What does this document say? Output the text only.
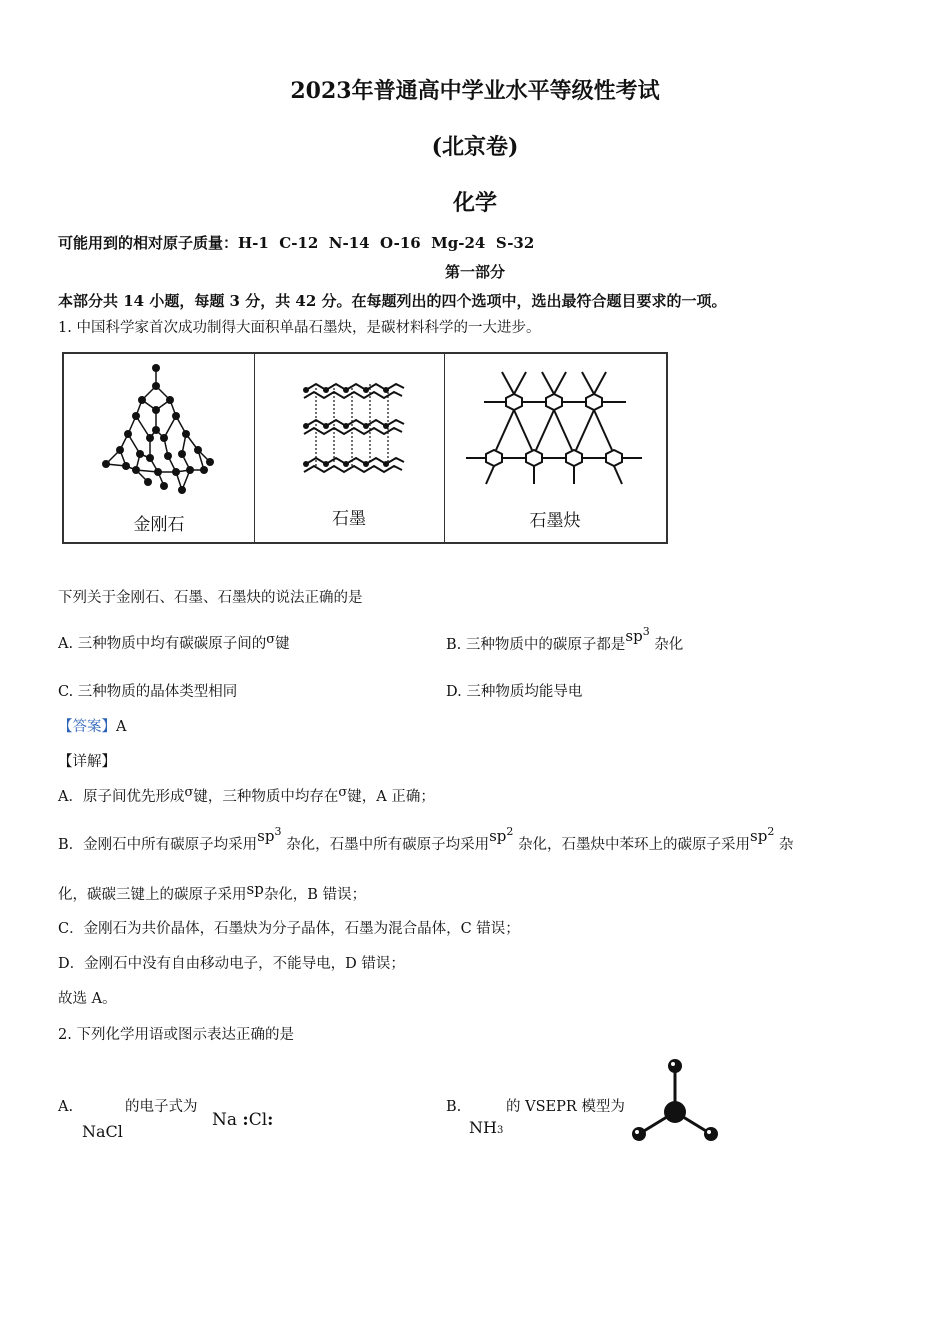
2023年普通高中学业水平等级性考试
(北京卷)
化学
可能用到的相对原子质量：H-1  C-12  N-14  O-16  Mg-24  S-32
第一部分
本部分共 14 小题，每题 3 分，共 42 分。在每题列出的四个选项中，选出最符合题目要求的一项。
1. 中国科学家首次成功制得大面积单晶石墨炔，是碳材料科学的一大进步。
金刚石	石墨	石墨炔
下列关于金刚石、石墨、石墨炔的说法正确的是
A. 三种物质中均有碳碳原子间的σ键	B. 三种物质中的碳原子都是$sp^3$ 杂化
C. 三种物质的晶体类型相同	D. 三种物质均能导电
【答案】A
【详解】
A．原子间优先形成σ键，三种物质中均存在σ键，A 正确；
B．金刚石中所有碳原子均采用$sp^3$ 杂化，石墨中所有碳原子均采用$sp^2$ 杂化，石墨炔中苯环上的碳原子采用$sp^2$ 杂
化，碳碳三键上的碳原子采用sp杂化，B 错误；
C．金刚石为共价晶体，石墨炔为分子晶体，石墨为混合晶体，C 错误；
D．金刚石中没有自由移动电子，不能导电，D 错误；
故选 A。
2. 下列化学用语或图示表达正确的是
A.	的电子式为
NaCl
Na :Cl:
B.	的 VSEPR 模型为
NH3
